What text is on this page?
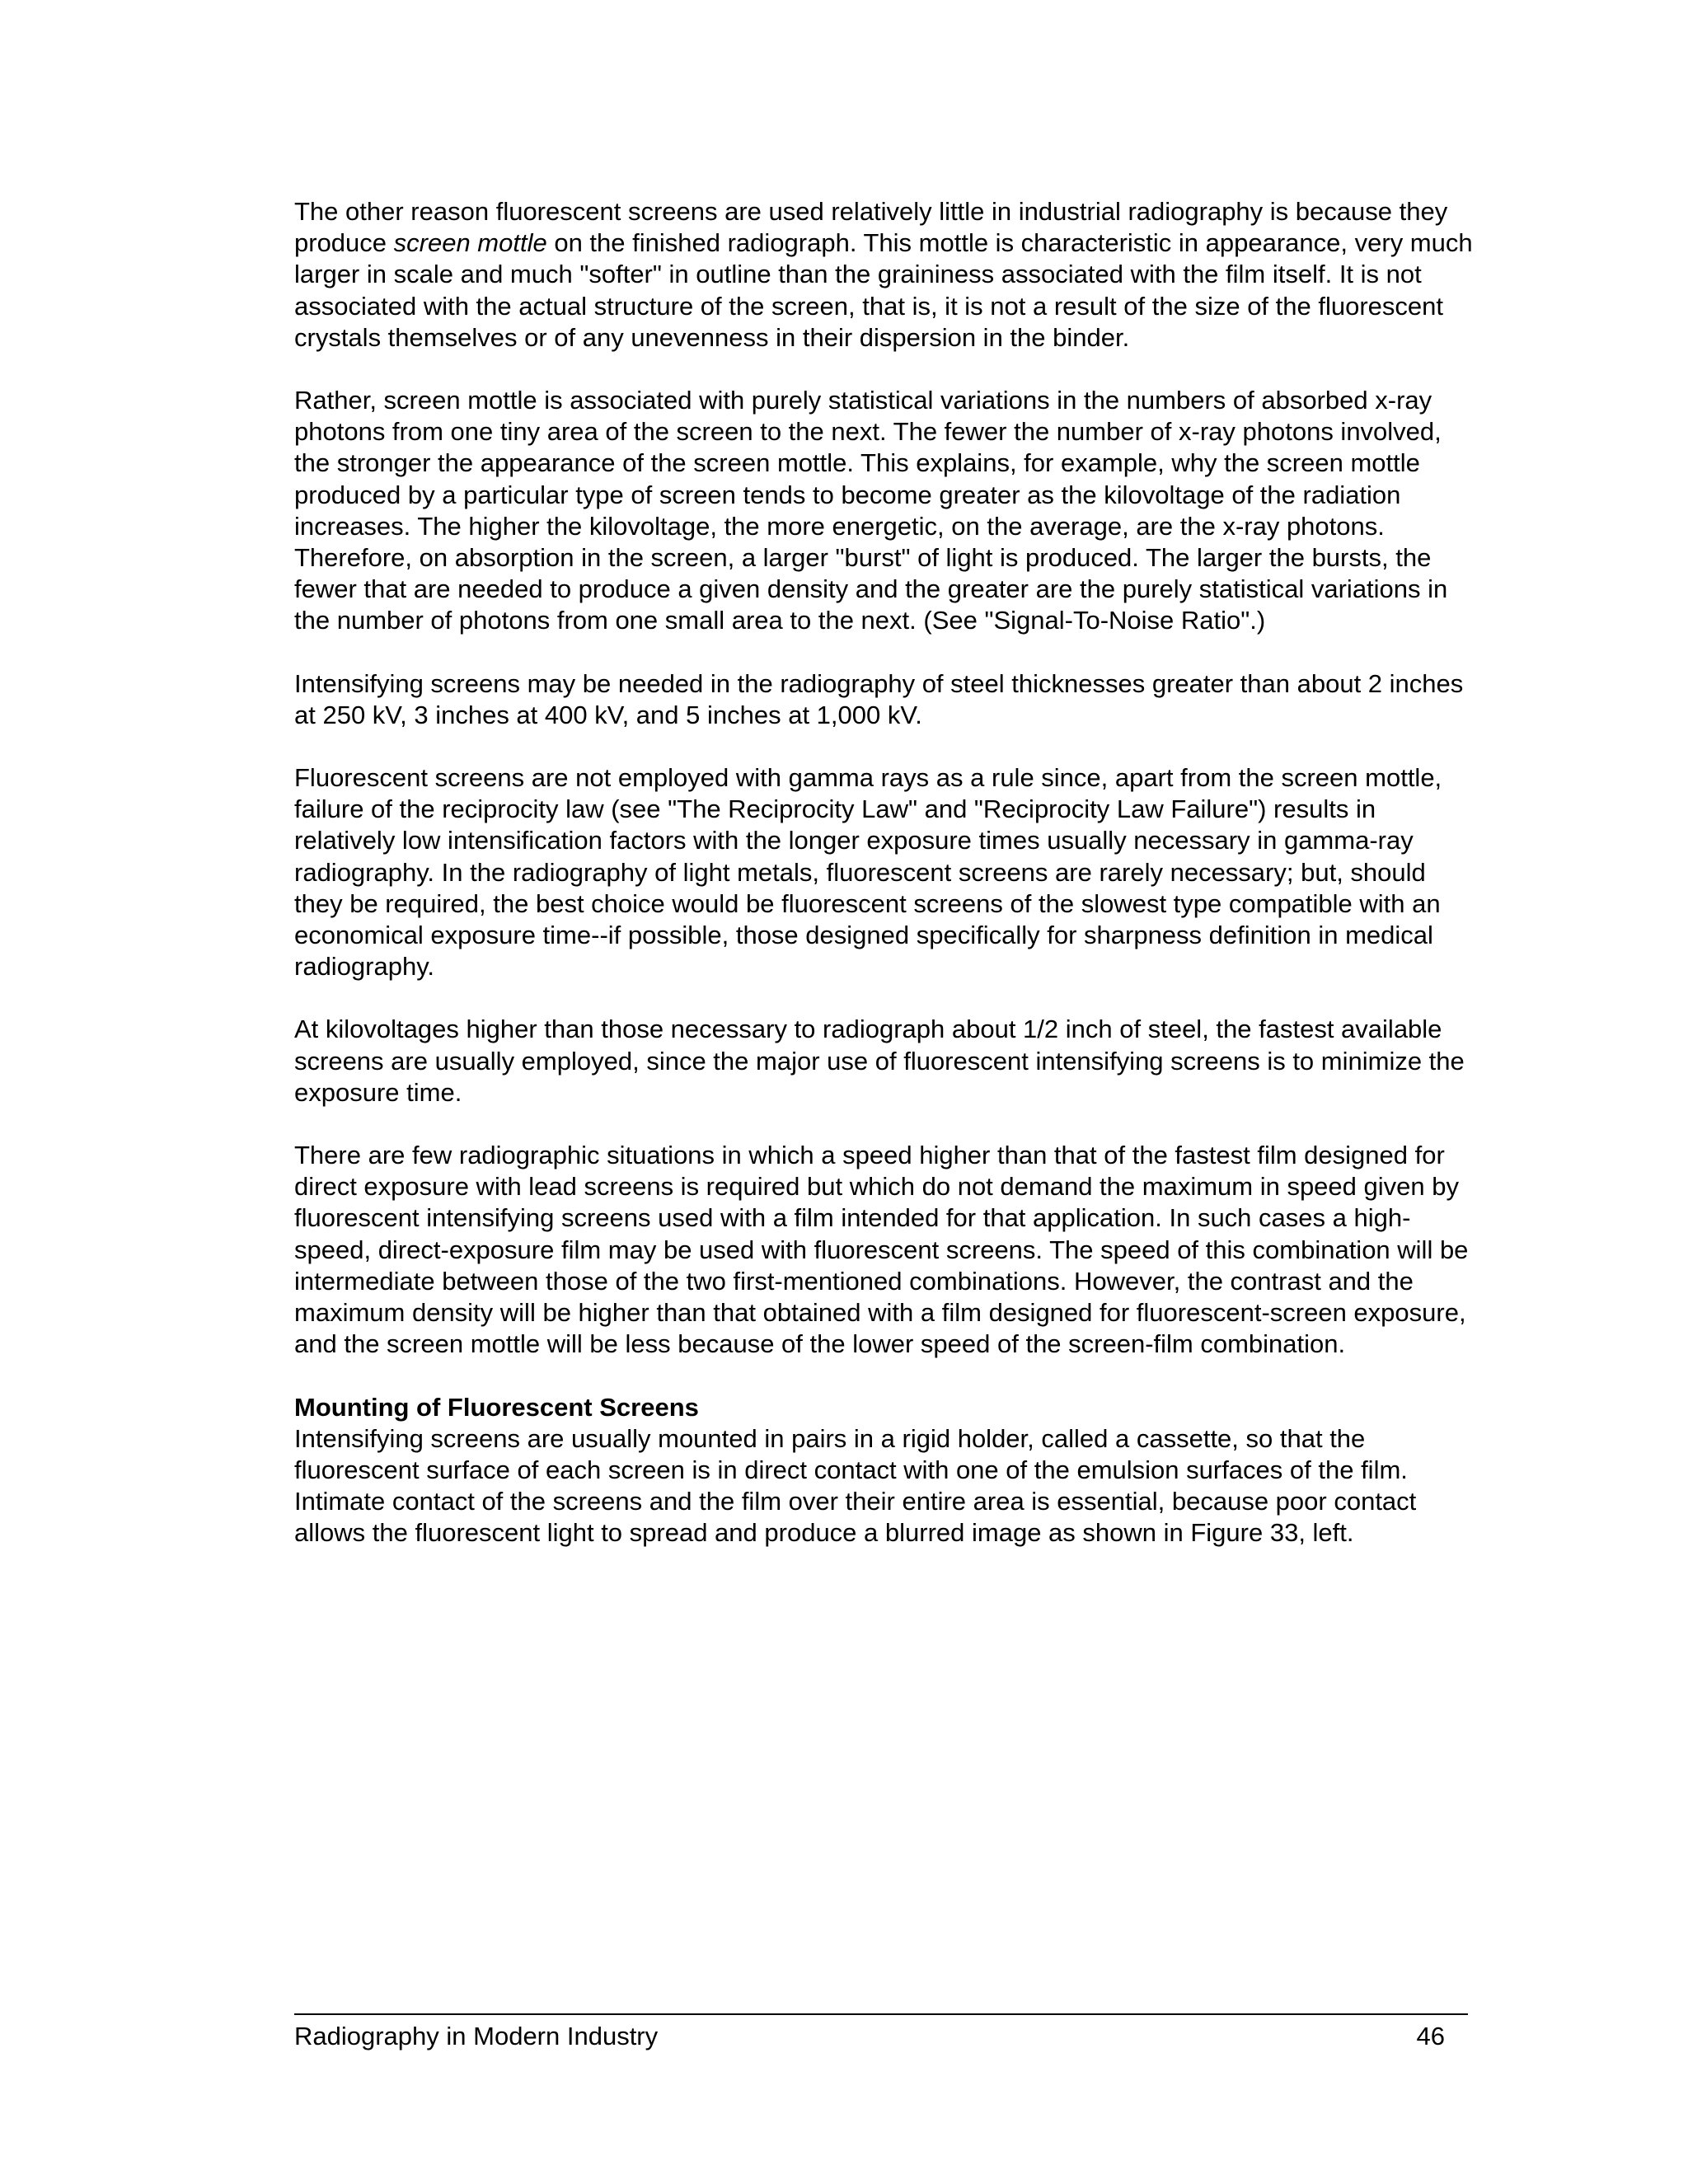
The other reason fluorescent screens are used relatively little in industrial radiography is because they produce screen mottle on the finished radiograph. This mottle is characteristic in appearance, very much larger in scale and much "softer" in outline than the graininess associated with the film itself. It is not associated with the actual structure of the screen, that is, it is not a result of the size of the fluorescent crystals themselves or of any unevenness in their dispersion in the binder.

Rather, screen mottle is associated with purely statistical variations in the numbers of absorbed x-ray photons from one tiny area of the screen to the next. The fewer the number of x-ray photons involved, the stronger the appearance of the screen mottle. This explains, for example, why the screen mottle produced by a particular type of screen tends to become greater as the kilovoltage of the radiation increases. The higher the kilovoltage, the more energetic, on the average, are the x-ray photons. Therefore, on absorption in the screen, a larger "burst" of light is produced. The larger the bursts, the fewer that are needed to produce a given density and the greater are the purely statistical variations in the number of photons from one small area to the next. (See "Signal-To-Noise Ratio".)

Intensifying screens may be needed in the radiography of steel thicknesses greater than about 2 inches at 250 kV, 3 inches at 400 kV, and 5 inches at 1,000 kV.

Fluorescent screens are not employed with gamma rays as a rule since, apart from the screen mottle, failure of the reciprocity law (see "The Reciprocity Law" and "Reciprocity Law Failure") results in relatively low intensification factors with the longer exposure times usually necessary in gamma-ray radiography. In the radiography of light metals, fluorescent screens are rarely necessary; but, should they be required, the best choice would be fluorescent screens of the slowest type compatible with an economical exposure time--if possible, those designed specifically for sharpness definition in medical radiography.

At kilovoltages higher than those necessary to radiograph about 1/2 inch of steel, the fastest available screens are usually employed, since the major use of fluorescent intensifying screens is to minimize the exposure time.

There are few radiographic situations in which a speed higher than that of the fastest film designed for direct exposure with lead screens is required but which do not demand the maximum in speed given by fluorescent intensifying screens used with a film intended for that application. In such cases a high-speed, direct-exposure film may be used with fluorescent screens. The speed of this combination will be intermediate between those of the two first-mentioned combinations. However, the contrast and the maximum density will be higher than that obtained with a film designed for fluorescent-screen exposure, and the screen mottle will be less because of the lower speed of the screen-film combination.

Mounting of Fluorescent Screens

Intensifying screens are usually mounted in pairs in a rigid holder, called a cassette, so that the fluorescent surface of each screen is in direct contact with one of the emulsion surfaces of the film. Intimate contact of the screens and the film over their entire area is essential, because poor contact allows the fluorescent light to spread and produce a blurred image as shown in Figure 33, left.

Radiography in Modern Industry	46
